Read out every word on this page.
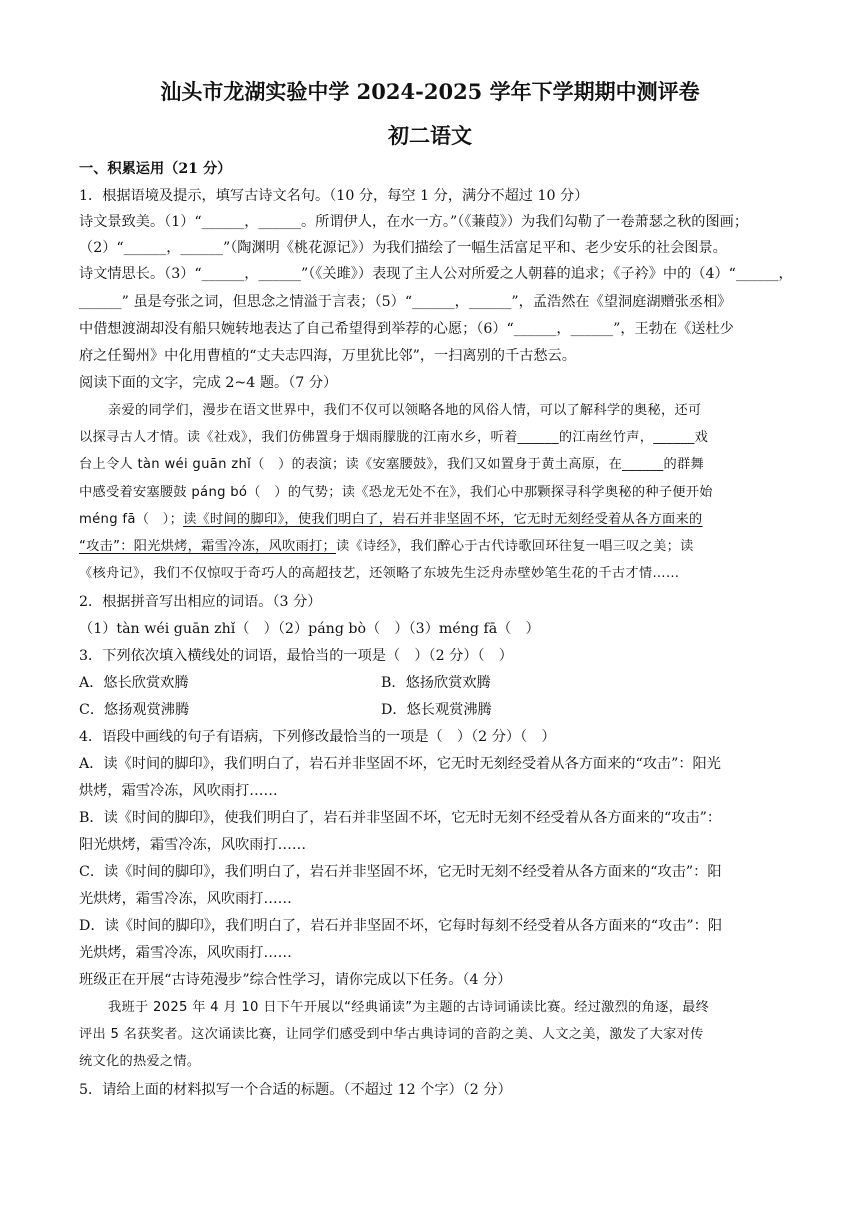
汕头市龙湖实验中学 2024-2025 学年下学期期中测评卷
初二语文
一、积累运用（21 分）
1．根据语境及提示，填写古诗文名句。（10 分，每空 1 分，满分不超过 10 分）
诗文景致美。（1）“______，______。所谓伊人，在水一方。”（《蒹葭》）为我们勾勒了一卷萧瑟之秋的图画；
（2）“______，______”（陶渊明《桃花源记》）为我们描绘了一幅生活富足平和、老少安乐的社会图景。
诗文情思长。（3）“______，______”（《关雎》）表现了主人公对所爱之人朝暮的追求；《子衿》中的（4）“______，
______” 虽是夸张之词，但思念之情溢于言表；（5）“______，______”，孟浩然在《望洞庭湖赠张丞相》
中借想渡湖却没有船只婉转地表达了自己希望得到举荐的心愿；（6）“______，______”，王勃在《送杜少
府之任蜀州》中化用曹植的“丈夫志四海，万里犹比邻”，一扫离别的千古愁云。
阅读下面的文字，完成 2~4 题。（7 分）
亲爱的同学们，漫步在语文世界中，我们不仅可以领略各地的风俗人情，可以了解科学的奥秘，还可
以探寻古人才情。读《社戏》，我们仿佛置身于烟雨朦胧的江南水乡，听着______的江南丝竹声，______戏
台上令人 tàn wéi guān zhǐ（　）的表演；读《安塞腰鼓》，我们又如置身于黄土高原，在______的群舞
中感受着安塞腰鼓 páng bó（　）的气势；读《恐龙无处不在》，我们心中那颗探寻科学奥秘的种子便开始
méng fā（　）；读《时间的脚印》，使我们明白了，岩石并非坚固不坏，它无时无刻经受着从各方面来的
“攻击”：阳光烘烤，霜雪冷冻，风吹雨打；读《诗经》，我们醉心于古代诗歌回环往复一唱三叹之美；读
《核舟记》，我们不仅惊叹于奇巧人的高超技艺，还领略了东坡先生泛舟赤壁妙笔生花的千古才情……
2．根据拼音写出相应的词语。（3 分）
（1）tàn wéi guān zhǐ（　）（2）páng bò（　）（3）méng fā（　）
3．下列依次填入横线处的词语，最恰当的一项是（　）（2 分）（　）
A．悠长欣赏欢腾	B．悠扬欣赏欢腾
C．悠扬观赏沸腾	D．悠长观赏沸腾
4．语段中画线的句子有语病，下列修改最恰当的一项是（　）（2 分）（　）
A．读《时间的脚印》，我们明白了，岩石并非坚固不坏，它无时无刻经受着从各方面来的“攻击”：阳光
烘烤，霜雪冷冻，风吹雨打……
B．读《时间的脚印》，使我们明白了，岩石并非坚固不坏，它无时无刻不经受着从各方面来的“攻击”：
阳光烘烤，霜雪冷冻，风吹雨打……
C．读《时间的脚印》，我们明白了，岩石并非坚固不坏，它无时无刻不经受着从各方面来的“攻击”：阳
光烘烤，霜雪冷冻，风吹雨打……
D．读《时间的脚印》，我们明白了，岩石并非坚固不坏，它每时每刻不经受着从各方面来的“攻击”：阳
光烘烤，霜雪冷冻，风吹雨打……
班级正在开展“古诗苑漫步”综合性学习，请你完成以下任务。（4 分）
我班于 2025 年 4 月 10 日下午开展以“经典诵读”为主题的古诗词诵读比赛。经过激烈的角逐，最终
评出 5 名获奖者。这次诵读比赛，让同学们感受到中华古典诗词的音韵之美、人文之美，激发了大家对传
统文化的热爱之情。
5．请给上面的材料拟写一个合适的标题。（不超过 12 个字）（2 分）
